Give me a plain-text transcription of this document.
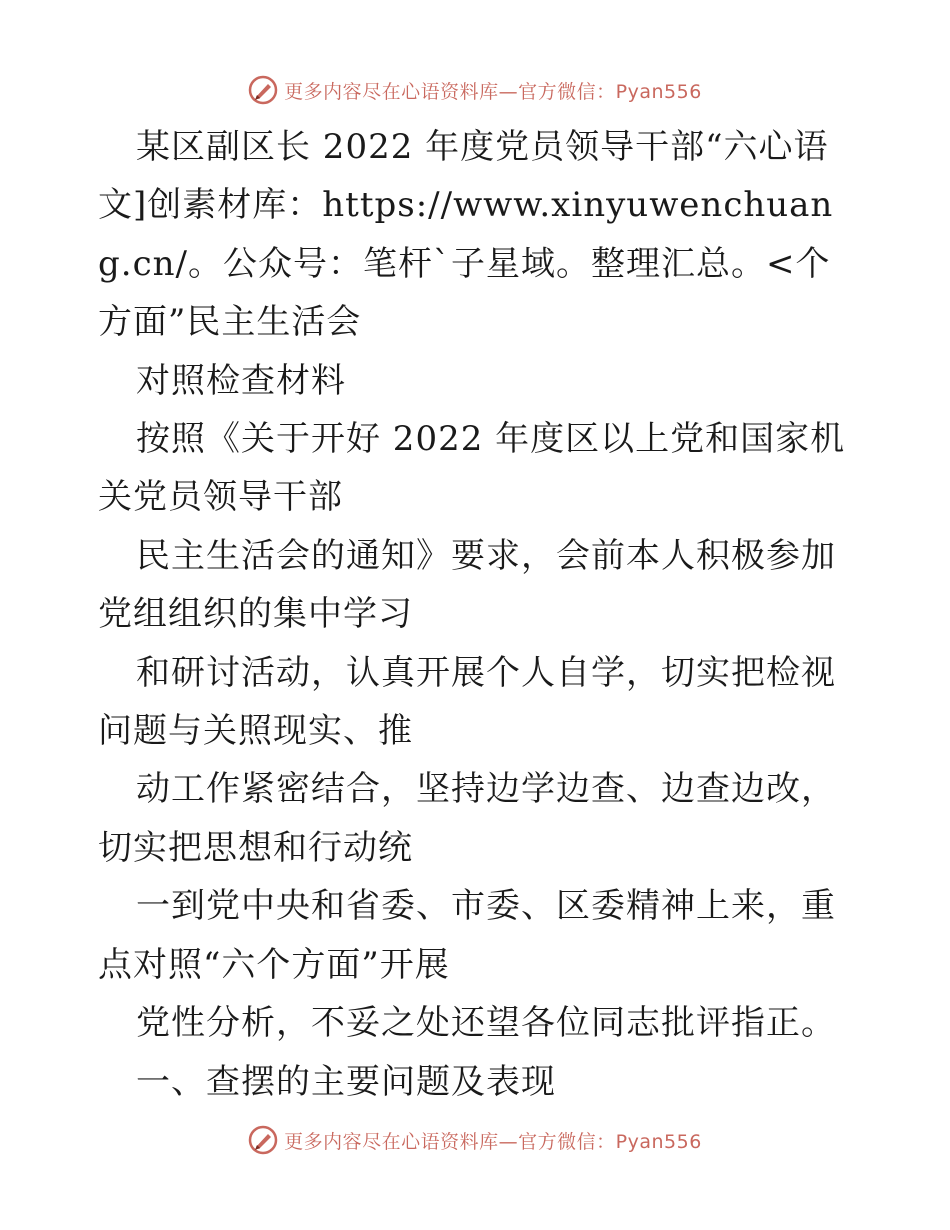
更多内容尽在心语资料库—官方微信：Pyan556

某区副区长 2022 年度党员领导干部“六心语文]创素材库：https://www.xinyuwenchuang.cn/。公众号：笔杆`子星域。整理汇总。<个方面”民主生活会

对照检查材料

按照《关于开好 2022 年度区以上党和国家机关党员领导干部

民主生活会的通知》要求，会前本人积极参加党组组织的集中学习

和研讨活动，认真开展个人自学，切实把检视问题与关照现实、推

动工作紧密结合，坚持边学边查、边查边改，切实把思想和行动统

一到党中央和省委、市委、区委精神上来，重点对照“六个方面”开展

党性分析，不妥之处还望各位同志批评指正。

一、查摆的主要问题及表现

更多内容尽在心语资料库—官方微信：Pyan556
